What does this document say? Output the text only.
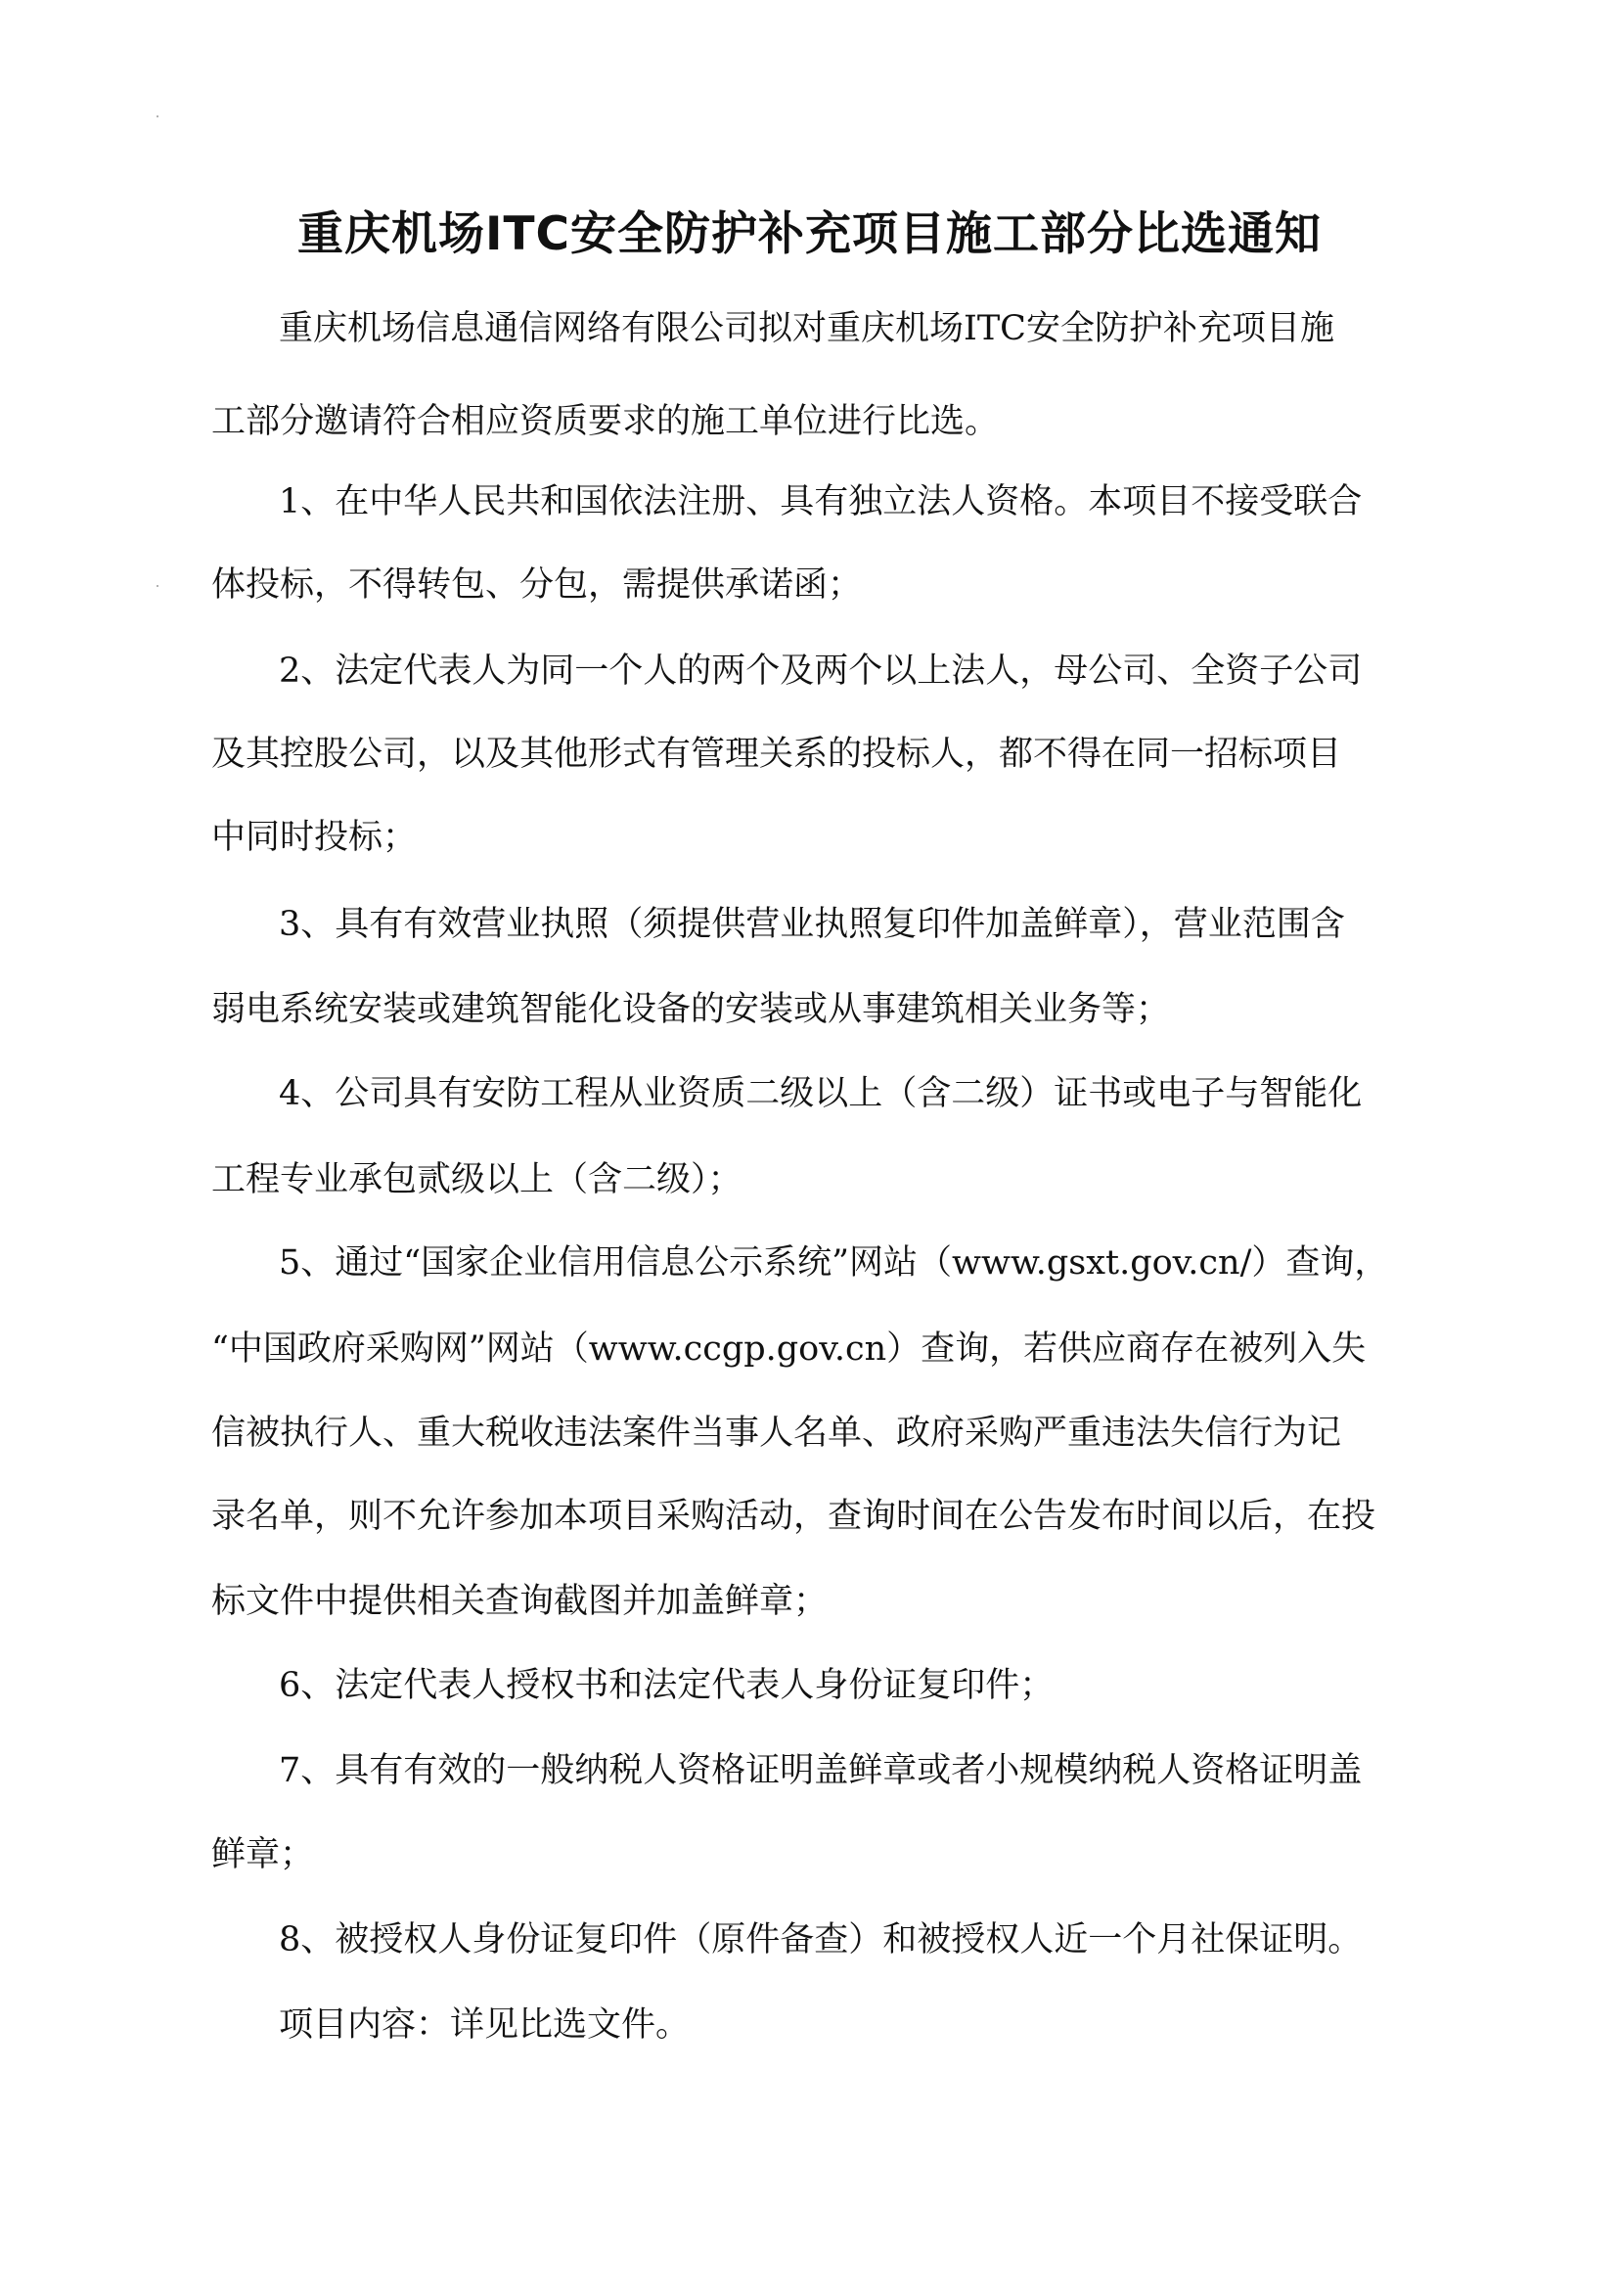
重庆机场ITC安全防护补充项目施工部分比选通知
重庆机场信息通信网络有限公司拟对重庆机场ITC安全防护补充项目施
工部分邀请符合相应资质要求的施工单位进行比选。
1、在中华人民共和国依法注册、具有独立法人资格。本项目不接受联合
体投标，不得转包、分包，需提供承诺函；
2、法定代表人为同一个人的两个及两个以上法人，母公司、全资子公司
及其控股公司，以及其他形式有管理关系的投标人，都不得在同一招标项目
中同时投标；
3、具有有效营业执照（须提供营业执照复印件加盖鲜章），营业范围含
弱电系统安装或建筑智能化设备的安装或从事建筑相关业务等；
4、公司具有安防工程从业资质二级以上（含二级）证书或电子与智能化
工程专业承包贰级以上（含二级）；
5、通过“国家企业信用信息公示系统”网站（www.gsxt.gov.cn/）查询，
“中国政府采购网”网站（www.ccgp.gov.cn）查询，若供应商存在被列入失
信被执行人、重大税收违法案件当事人名单、政府采购严重违法失信行为记
录名单，则不允许参加本项目采购活动，查询时间在公告发布时间以后，在投
标文件中提供相关查询截图并加盖鲜章；
6、法定代表人授权书和法定代表人身份证复印件；
7、具有有效的一般纳税人资格证明盖鲜章或者小规模纳税人资格证明盖
鲜章；
8、被授权人身份证复印件（原件备查）和被授权人近一个月社保证明。
项目内容：详见比选文件。
